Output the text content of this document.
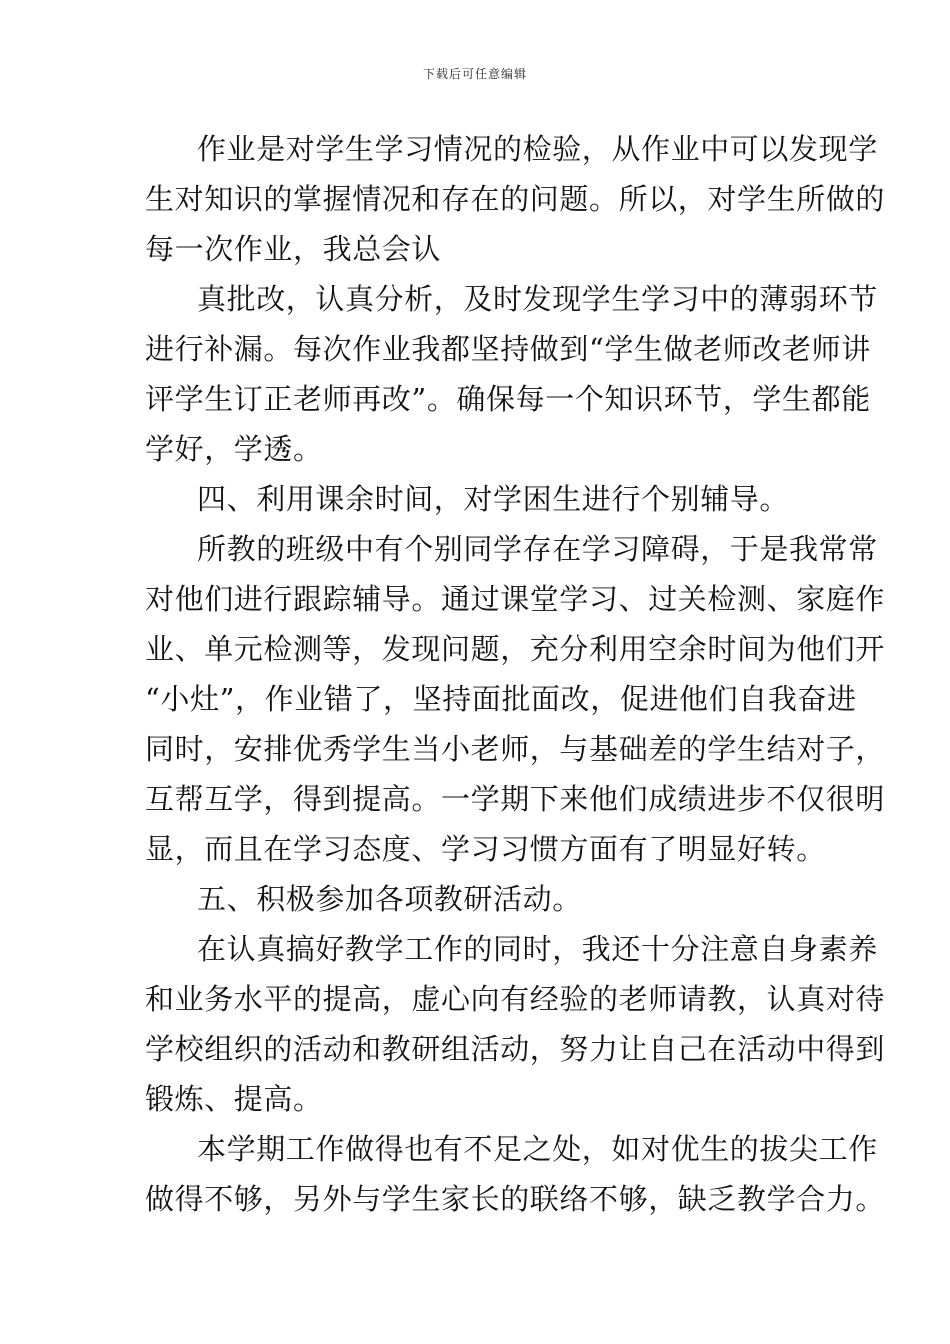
下载后可任意编辑
作业是对学生学习情况的检验，从作业中可以发现学
生对知识的掌握情况和存在的问题。所以，对学生所做的
每一次作业，我总会认
真批改，认真分析，及时发现学生学习中的薄弱环节
进行补漏。每次作业我都坚持做到“学生做老师改老师讲
评学生订正老师再改”。确保每一个知识环节，学生都能
学好，学透。
四、利用课余时间，对学困生进行个别辅导。
所教的班级中有个别同学存在学习障碍，于是我常常
对他们进行跟踪辅导。通过课堂学习、过关检测、家庭作
业、单元检测等，发现问题，充分利用空余时间为他们开
“小灶”，作业错了，坚持面批面改，促进他们自我奋进
同时，安排优秀学生当小老师，与基础差的学生结对子，
互帮互学，得到提高。一学期下来他们成绩进步不仅很明
显，而且在学习态度、学习习惯方面有了明显好转。
五、积极参加各项教研活动。
在认真搞好教学工作的同时，我还十分注意自身素养
和业务水平的提高，虚心向有经验的老师请教，认真对待
学校组织的活动和教研组活动，努力让自己在活动中得到
锻炼、提高。
本学期工作做得也有不足之处，如对优生的拔尖工作
做得不够，另外与学生家长的联络不够，缺乏教学合力。
